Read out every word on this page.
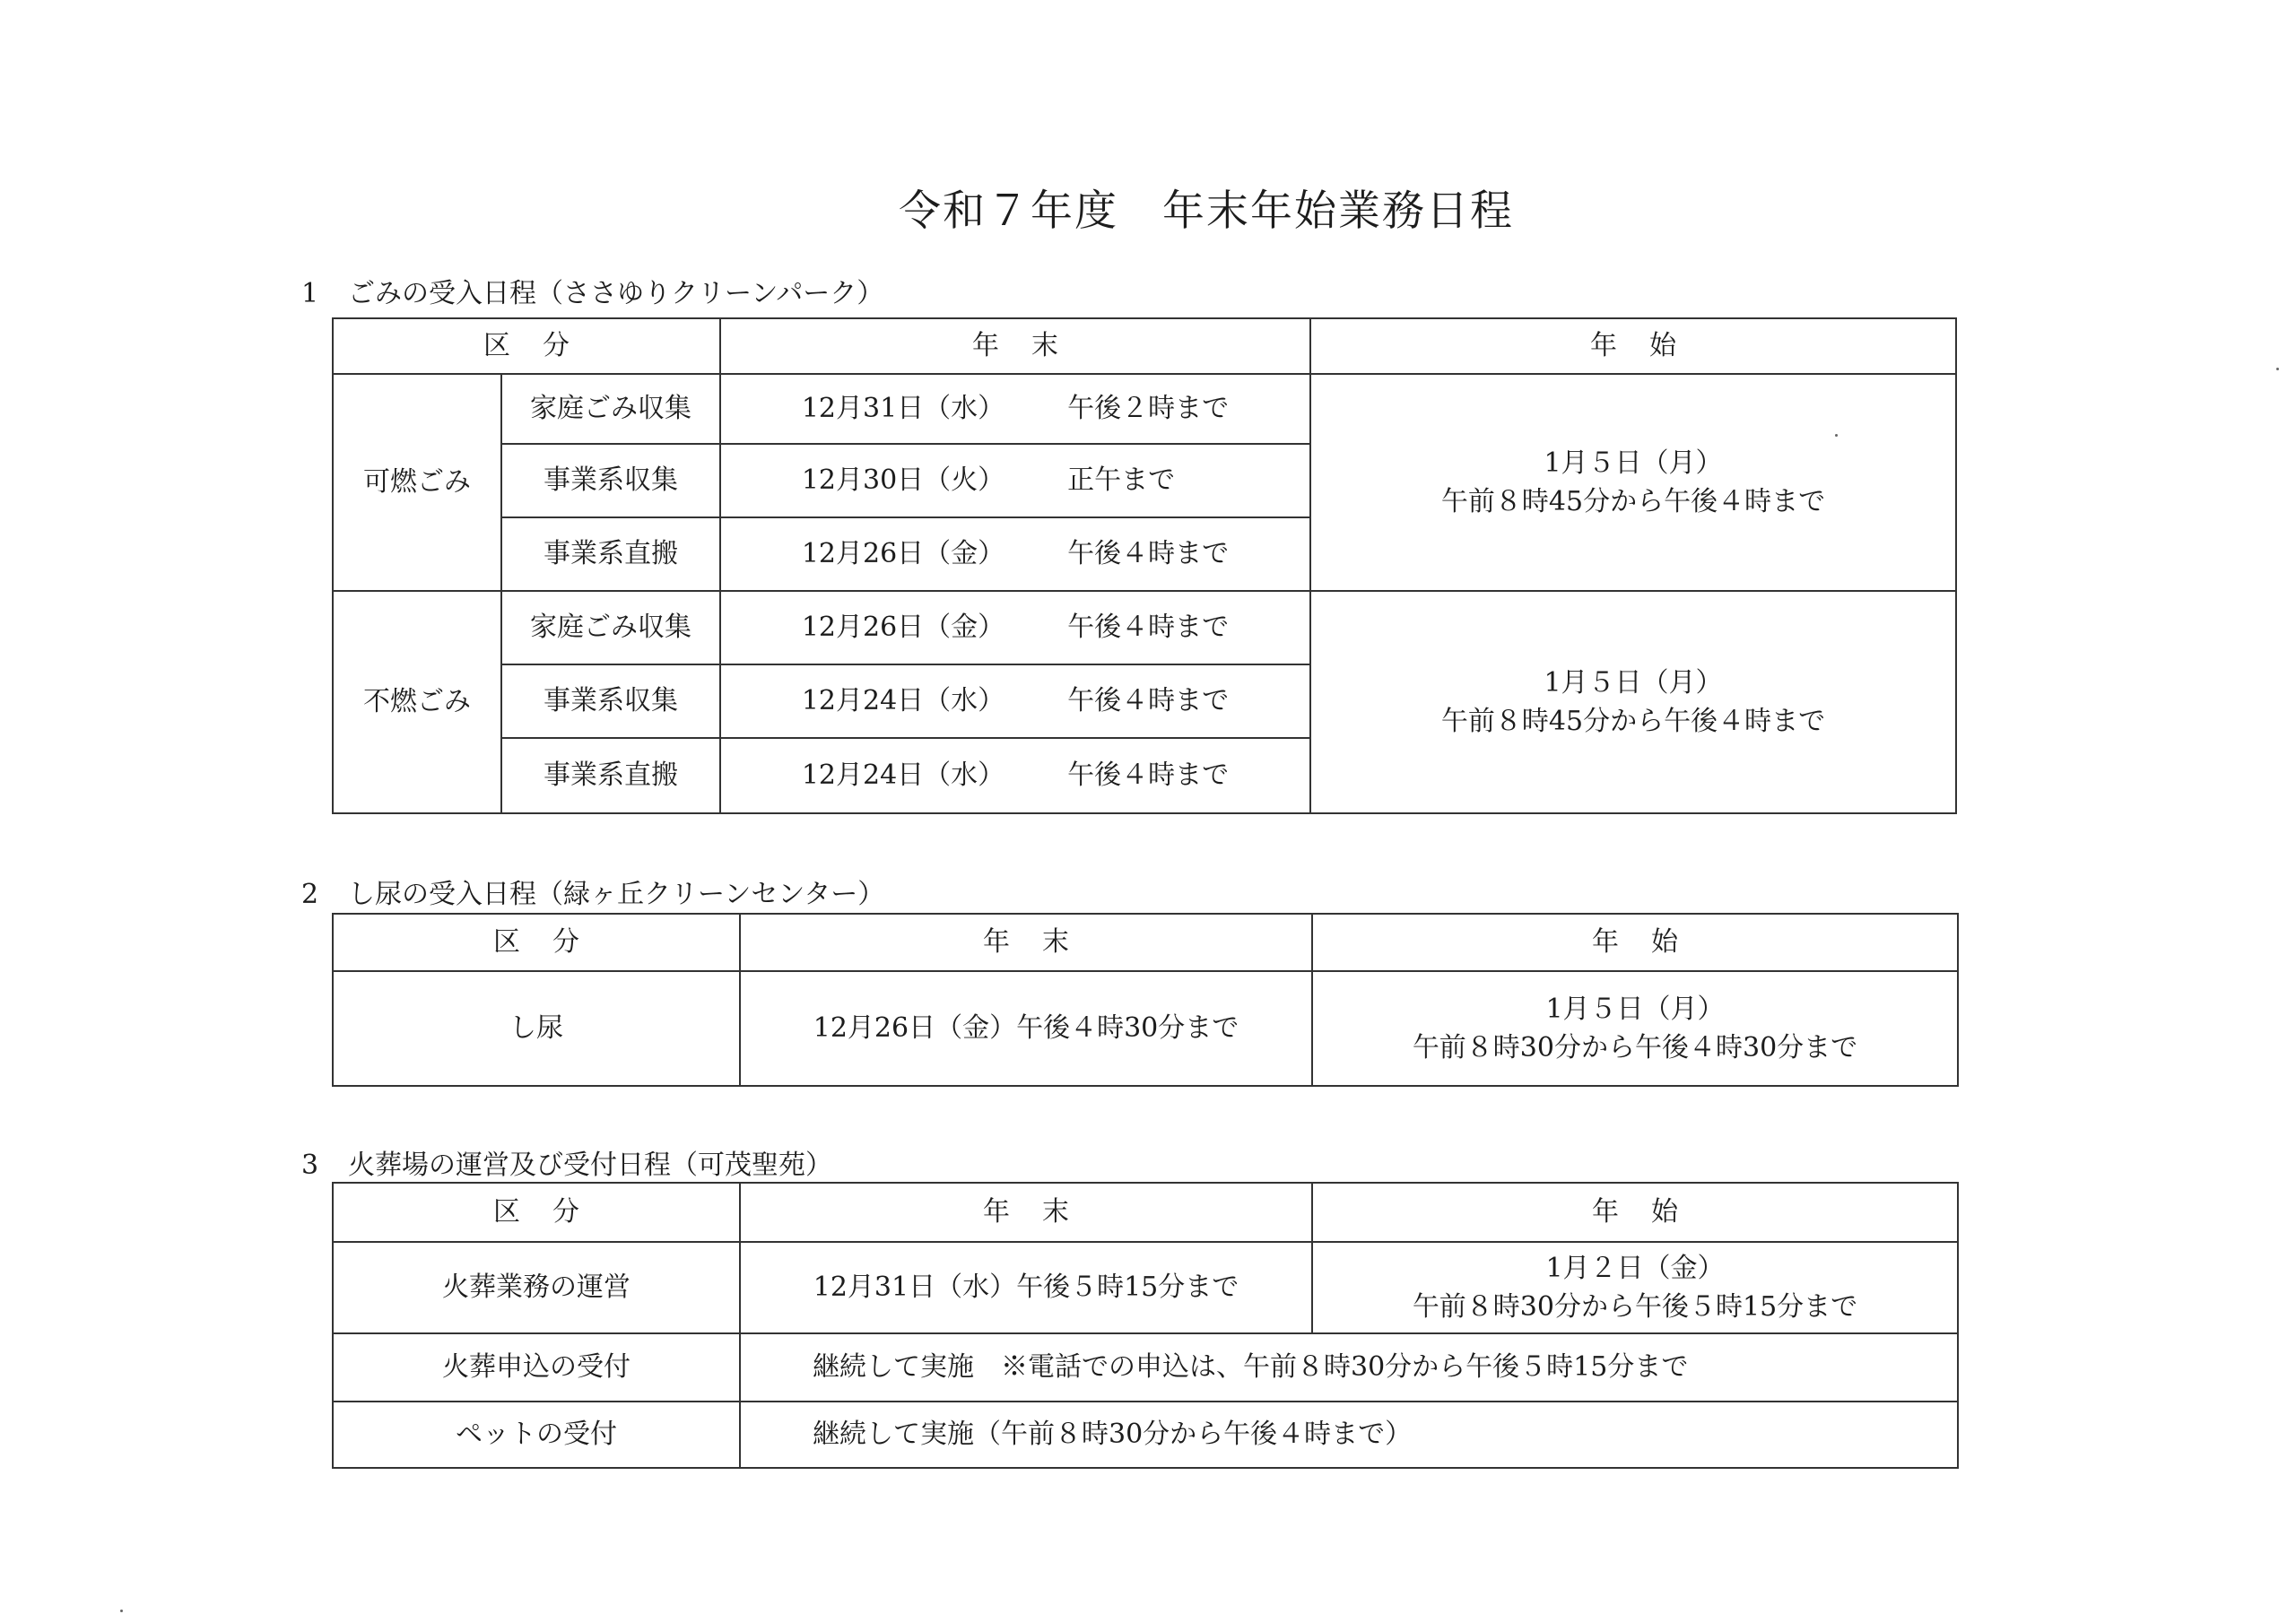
令和７年度　年末年始業務日程
1 ごみの受入日程（ささゆりクリーンパーク）
区分		年末	年始
可燃ごみ	家庭ごみ収集	12月31日（水） 午後２時まで	1月５日（月）
午前８時45分から午後４時まで

	事業系収集	12月30日（火） 正午まで	
	事業系直搬	12月26日（金） 午後４時まで	
不燃ごみ	家庭ごみ収集	12月26日（金） 午後４時まで	1月５日（月）
午前８時45分から午後４時まで

	事業系収集	12月24日（水） 午後４時まで	
	事業系直搬	12月24日（水） 午後４時まで	
2 し尿の受入日程（緑ヶ丘クリーンセンター）
区分	年末	年始
し尿	12月26日（金）午後４時30分まで	1月５日（月）
午前８時30分から午後４時30分まで
3 火葬場の運営及び受付日程（可茂聖苑）
区分	年末	年始
火葬業務の運営	12月31日（水）午後５時15分まで	1月２日（金）
午前８時30分から午後５時15分まで

火葬申込の受付	継続して実施　※電話での申込は、午前８時30分から午後５時15分まで	
ペットの受付	継続して実施（午前８時30分から午後４時まで）	
